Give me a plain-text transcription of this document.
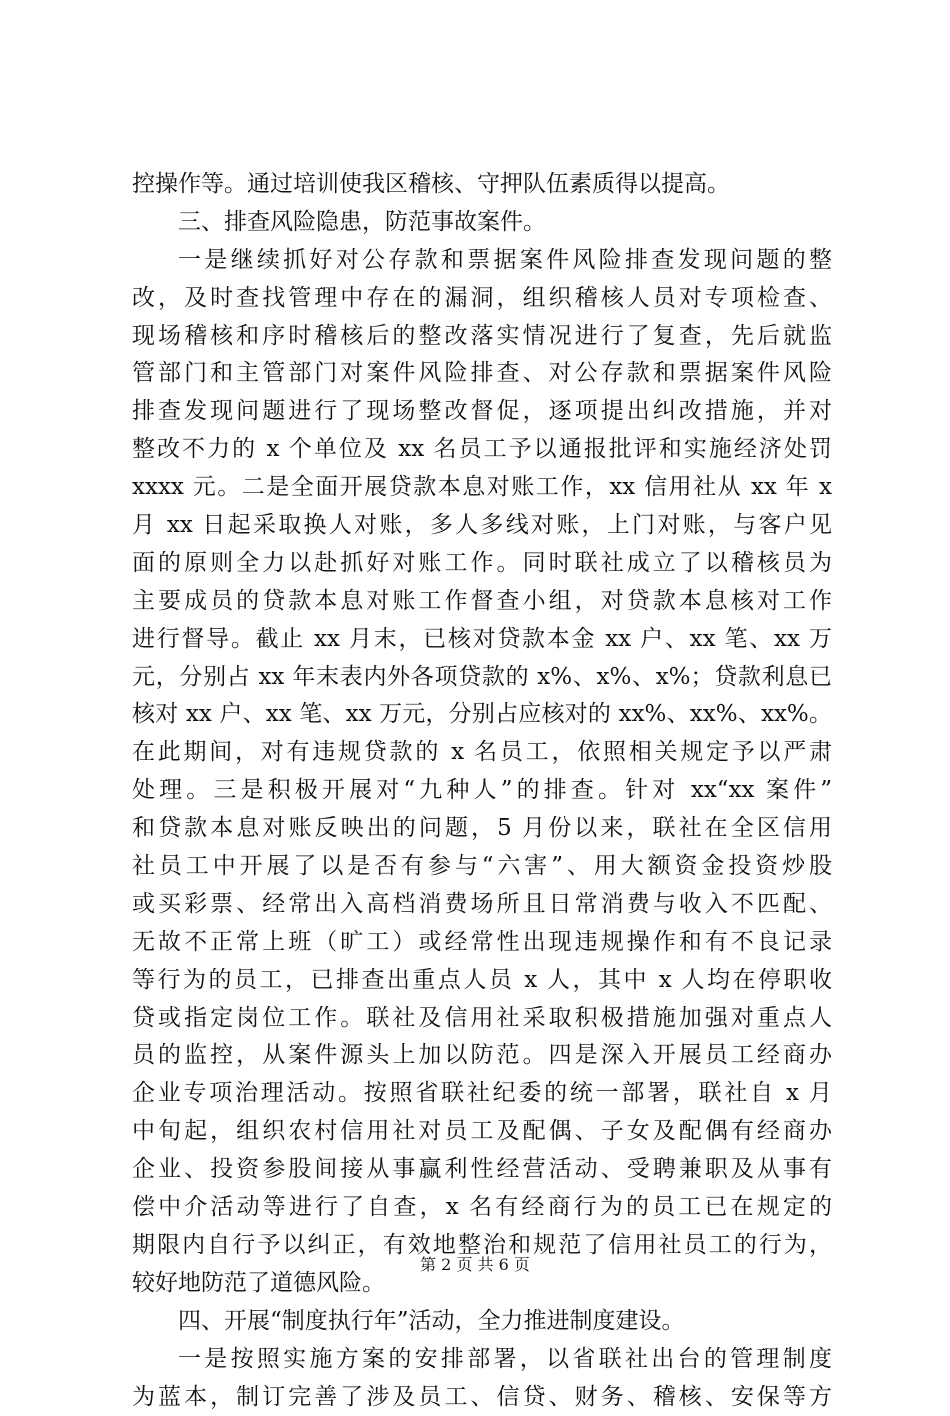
控操作等。通过培训使我区稽核、守押队伍素质得以提高。
三、排查风险隐患，防范事故案件。
一是继续抓好对公存款和票据案件风险排查发现问题的整
改，及时查找管理中存在的漏洞，组织稽核人员对专项检查、
现场稽核和序时稽核后的整改落实情况进行了复查，先后就监
管部门和主管部门对案件风险排查、对公存款和票据案件风险
排查发现问题进行了现场整改督促，逐项提出纠改措施，并对
整改不力的 x 个单位及 xx 名员工予以通报批评和实施经济处罚
xxxx 元。二是全面开展贷款本息对账工作，xx 信用社从 xx 年 x
月 xx 日起采取换人对账，多人多线对账，上门对账，与客户见
面的原则全力以赴抓好对账工作。同时联社成立了以稽核员为
主要成员的贷款本息对账工作督查小组，对贷款本息核对工作
进行督导。截止 xx 月末，已核对贷款本金 xx 户、xx 笔、xx 万
元，分别占 xx 年末表内外各项贷款的 x%、x%、x%；贷款利息已
核对 xx 户、xx 笔、xx 万元，分别占应核对的 xx%、xx%、xx%。
在此期间，对有违规贷款的 x 名员工，依照相关规定予以严肃
处理。三是积极开展对“九种人”的排查。针对 xx“xx 案件”
和贷款本息对账反映出的问题，5 月份以来，联社在全区信用
社员工中开展了以是否有参与“六害”、用大额资金投资炒股
或买彩票、经常出入高档消费场所且日常消费与收入不匹配、
无故不正常上班（旷工）或经常性出现违规操作和有不良记录
等行为的员工，已排查出重点人员 x 人，其中 x 人均在停职收
贷或指定岗位工作。联社及信用社采取积极措施加强对重点人
员的监控，从案件源头上加以防范。四是深入开展员工经商办
企业专项治理活动。按照省联社纪委的统一部署，联社自 x 月
中旬起，组织农村信用社对员工及配偶、子女及配偶有经商办
企业、投资参股间接从事赢利性经营活动、受聘兼职及从事有
偿中介活动等进行了自查，x 名有经商行为的员工已在规定的
期限内自行予以纠正，有效地整治和规范了信用社员工的行为，
较好地防范了道德风险。
四、开展“制度执行年”活动，全力推进制度建设。
一是按照实施方案的安排部署，以省联社出台的管理制度
为蓝本，制订完善了涉及员工、信贷、财务、稽核、安保等方
第 2 页 共 6 页
